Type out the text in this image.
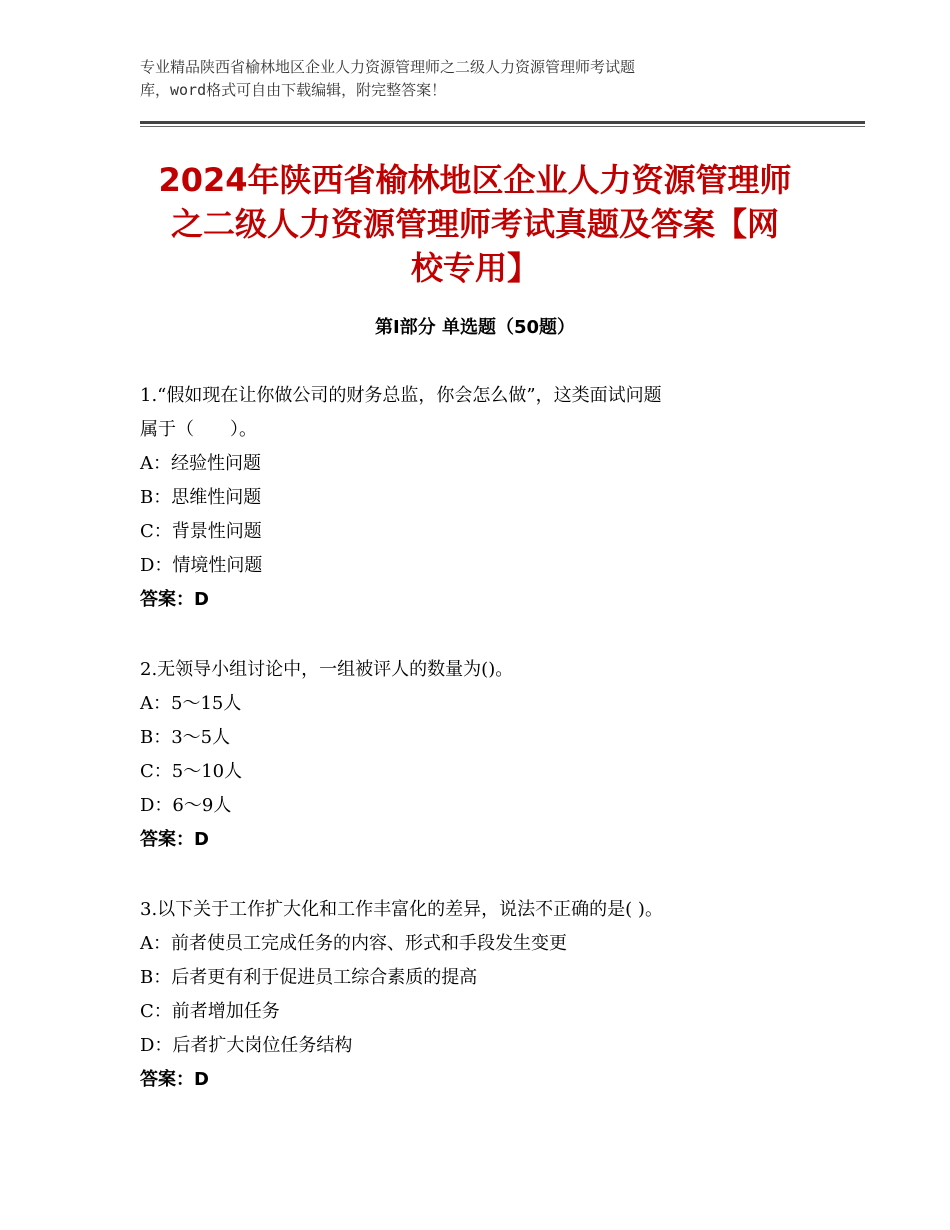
专业精品陕西省榆林地区企业人力资源管理师之二级人力资源管理师考试题
库，word格式可自由下载编辑，附完整答案！
2024年陕西省榆林地区企业人力资源管理师
之二级人力资源管理师考试真题及答案【网
校专用】
第Ⅰ部分 单选题（50题）
1.“假如现在让你做公司的财务总监，你会怎么做”，这类面试问题
属于（　　）。
A：经验性问题
B：思维性问题
C：背景性问题
D：情境性问题
答案：D
2.无领导小组讨论中，一组被评人的数量为()。
A：5～15人
B：3～5人
C：5～10人
D：6～9人
答案：D
3.以下关于工作扩大化和工作丰富化的差异，说法不正确的是( )。
A：前者使员工完成任务的内容、形式和手段发生变更
B：后者更有利于促进员工综合素质的提高
C：前者增加任务
D：后者扩大岗位任务结构
答案：D
